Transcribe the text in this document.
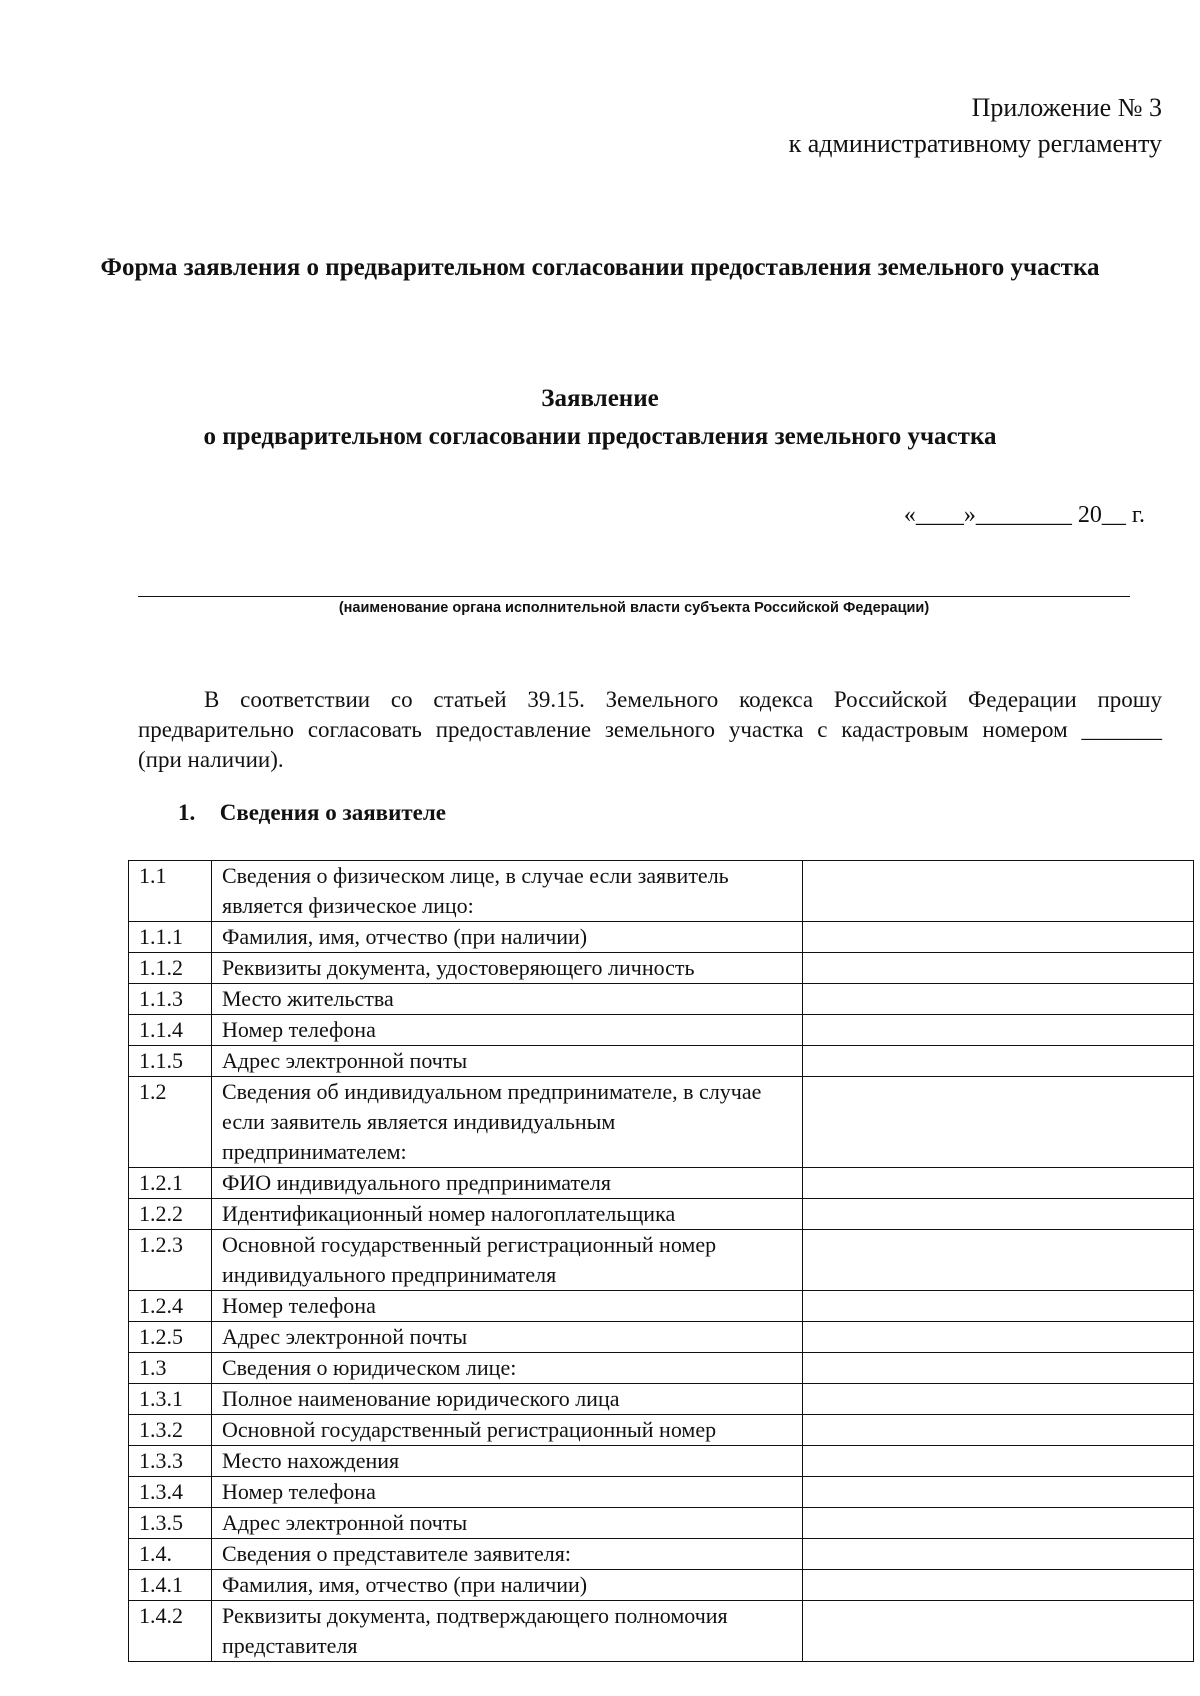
Приложение № 3
к административному регламенту
Форма заявления о предварительном согласовании предоставления земельного участка
Заявление
о предварительном согласовании предоставления земельного участка
«____»________ 20__ г.
(наименование органа исполнительной власти субъекта Российской Федерации)
В соответствии со статьей 39.15. Земельного кодекса Российской Федерации прошу
предварительно согласовать предоставление земельного участка с кадастровым номером _______
(при наличии).
1. Сведения о заявителе
1.1	Сведения о физическом лице, в случае если заявитель является физическое лицо:	
1.1.1	Фамилия, имя, отчество (при наличии)	
1.1.2	Реквизиты документа, удостоверяющего личность	
1.1.3	Место жительства	
1.1.4	Номер телефона	
1.1.5	Адрес электронной почты	
1.2	Сведения об индивидуальном предпринимателе, в случае если заявитель является индивидуальным предпринимателем:	
1.2.1	ФИО индивидуального предпринимателя	
1.2.2	Идентификационный номер налогоплательщика	
1.2.3	Основной государственный регистрационный номер индивидуального предпринимателя	
1.2.4	Номер телефона	
1.2.5	Адрес электронной почты	
1.3	Сведения о юридическом лице:	
1.3.1	Полное наименование юридического лица	
1.3.2	Основной государственный регистрационный номер	
1.3.3	Место нахождения	
1.3.4	Номер телефона	
1.3.5	Адрес электронной почты	
1.4.	Сведения о представителе заявителя:	
1.4.1	Фамилия, имя, отчество (при наличии)	
1.4.2	Реквизиты документа, подтверждающего полномочия представителя	
